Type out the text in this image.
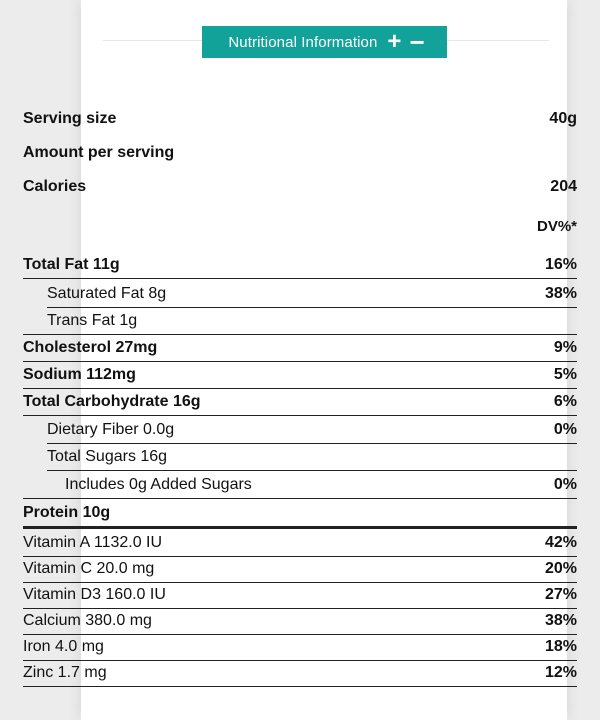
Nutritional Information + −
Serving size	40g
Amount per serving
Calories	204
DV%*
Total Fat 11g	16%
Saturated Fat 8g	38%
Trans Fat 1g
Cholesterol 27mg	9%
Sodium 112mg	5%
Total Carbohydrate 16g	6%
Dietary Fiber 0.0g	0%
Total Sugars 16g
Includes 0g Added Sugars	0%
Protein 10g
Vitamin A 1132.0 IU	42%
Vitamin C 20.0 mg	20%
Vitamin D3 160.0 IU	27%
Calcium 380.0 mg	38%
Iron 4.0 mg	18%
Zinc 1.7 mg	12%
